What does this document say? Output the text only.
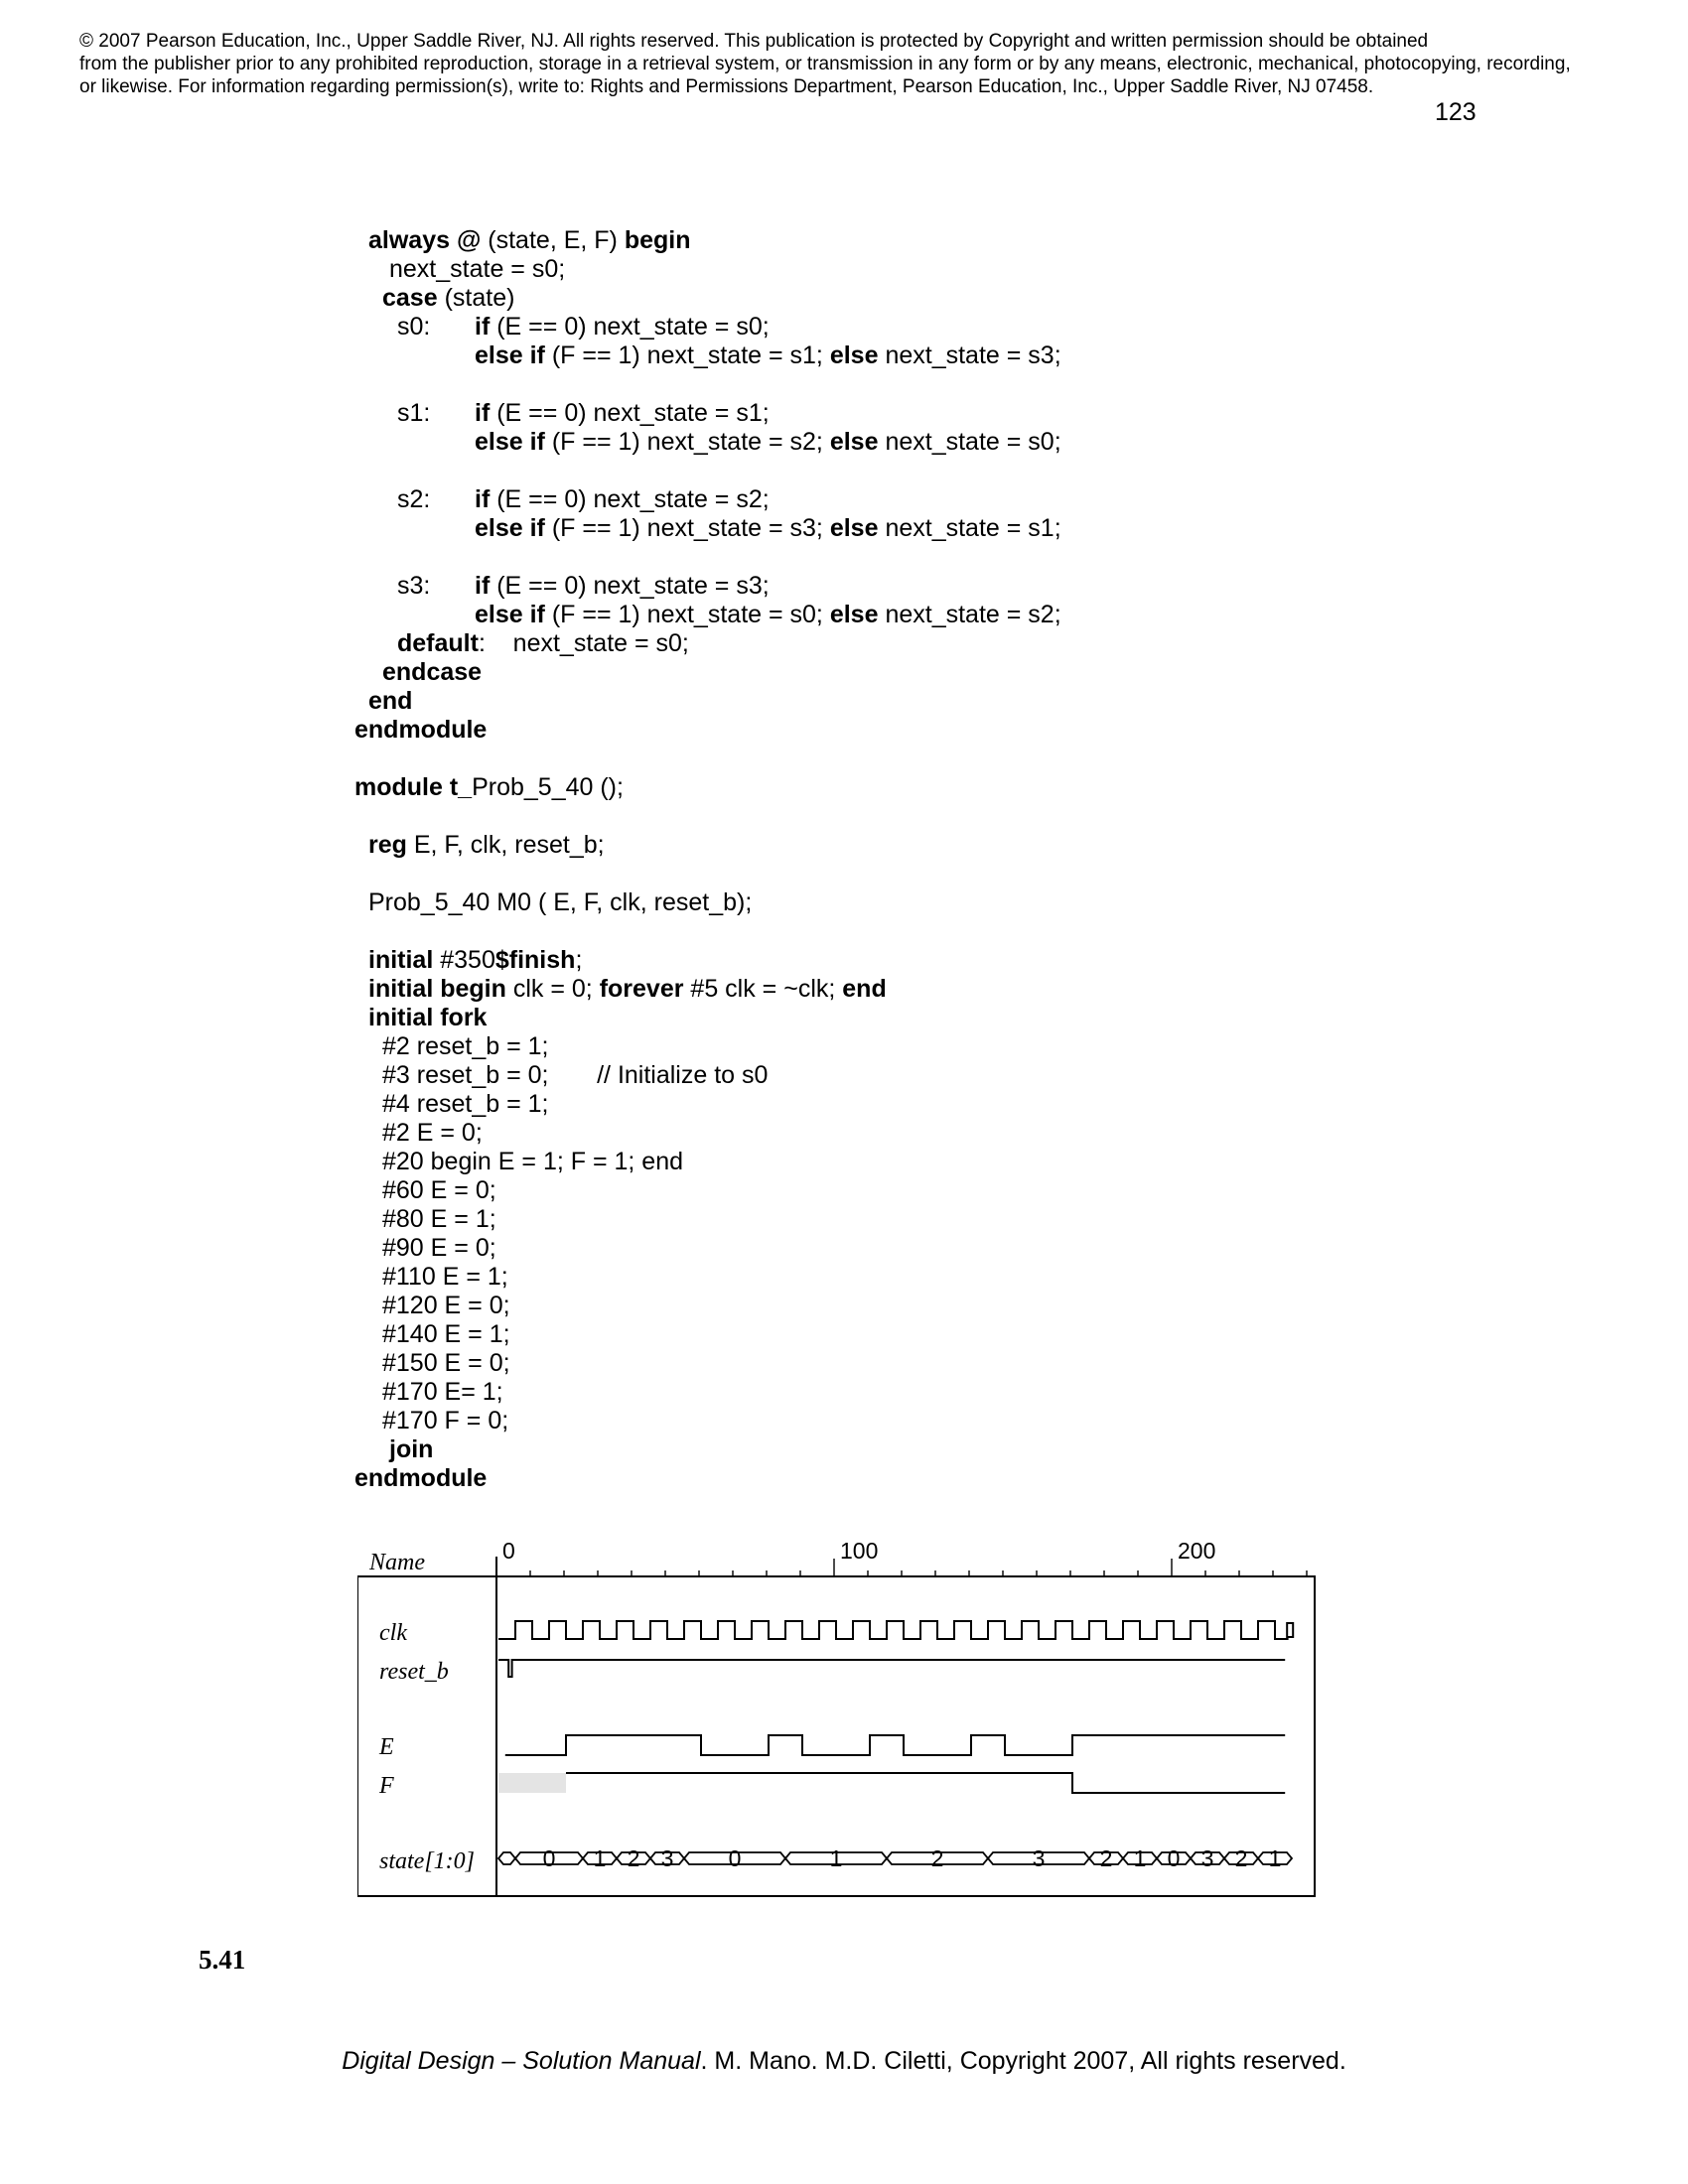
© 2007 Pearson Education, Inc., Upper Saddle River, NJ. All rights reserved. This publication is protected by Copyright and written permission should be obtained
from the publisher prior to any prohibited reproduction, storage in a retrieval system, or transmission in any form or by any means, electronic, mechanical, photocopying, recording,
or likewise. For information regarding permission(s), write to: Rights and Permissions Department, Pearson Education, Inc., Upper Saddle River, NJ 07458.
123
always @ (state, E, F) begin
next_state = s0;
case (state)
s0: if (E == 0) next_state = s0;
else if (F == 1) next_state = s1; else next_state = s3;
s1: if (E == 0) next_state = s1;
else if (F == 1) next_state = s2; else next_state = s0;
s2: if (E == 0) next_state = s2;
else if (F == 1) next_state = s3; else next_state = s1;
s3: if (E == 0) next_state = s3;
else if (F == 1) next_state = s0; else next_state = s2;
default:    next_state = s0;
endcase
end
endmodule
module t_Prob_5_40 ();
reg E, F, clk, reset_b;
Prob_5_40 M0 ( E, F, clk, reset_b);
initial #350$finish;
initial begin clk = 0; forever #5 clk = ~clk; end
initial fork
#2 reset_b = 1;
#3 reset_b = 0;       // Initialize to s0
#4 reset_b = 1;
#2 E = 0;
#20 begin E = 1; F = 1; end
#60 E = 0;
#80 E = 1;
#90 E = 0;
#110 E = 1;
#120 E = 0;
#140 E = 1;
#150 E = 0;
#170 E= 1;
#170 F = 0;
join
endmodule
Name	0	100	200
clk
reset_b
E
F
state[1:0]	0 1 2 3 0	1	2	3 2 1 0 3 2 1
5.41
Digital Design – Solution Manual. M. Mano. M.D. Ciletti, Copyright 2007, All rights reserved.
